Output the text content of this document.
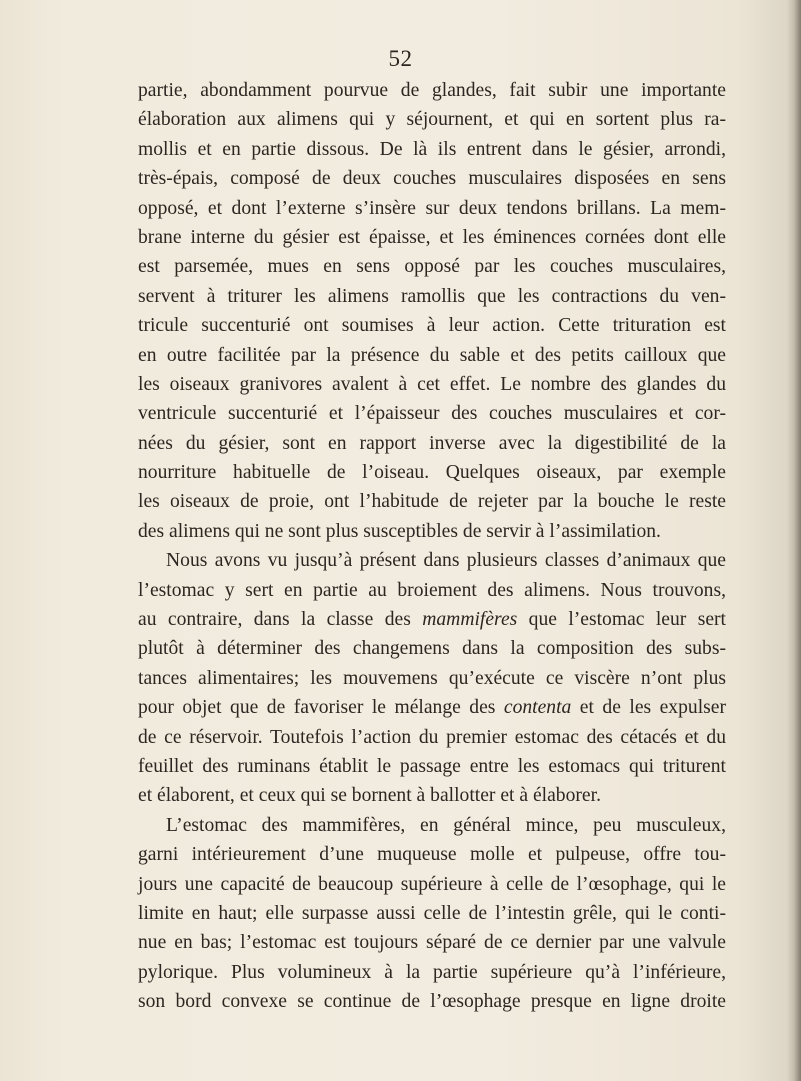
52
partie, abondamment pourvue de glandes, fait subir une importante
élaboration aux alimens qui y séjournent, et qui en sortent plus ra-
mollis et en partie dissous. De là ils entrent dans le gésier, arrondi,
très-épais, composé de deux couches musculaires disposées en sens
opposé, et dont l’externe s’insère sur deux tendons brillans. La mem-
brane interne du gésier est épaisse, et les éminences cornées dont elle
est parsemée, mues en sens opposé par les couches musculaires,
servent à triturer les alimens ramollis que les contractions du ven-
tricule succenturié ont soumises à leur action. Cette trituration est
en outre facilitée par la présence du sable et des petits cailloux que
les oiseaux granivores avalent à cet effet. Le nombre des glandes du
ventricule succenturié et l’épaisseur des couches musculaires et cor-
nées du gésier, sont en rapport inverse avec la digestibilité de la
nourriture habituelle de l’oiseau. Quelques oiseaux, par exemple
les oiseaux de proie, ont l’habitude de rejeter par la bouche le reste
des alimens qui ne sont plus susceptibles de servir à l’assimilation.
Nous avons vu jusqu’à présent dans plusieurs classes d’animaux que
l’estomac y sert en partie au broiement des alimens. Nous trouvons,
au contraire, dans la classe des mammifères que l’estomac leur sert
plutôt à déterminer des changemens dans la composition des subs-
tances alimentaires; les mouvemens qu’exécute ce viscère n’ont plus
pour objet que de favoriser le mélange des contenta et de les expulser
de ce réservoir. Toutefois l’action du premier estomac des cétacés et du
feuillet des ruminans établit le passage entre les estomacs qui triturent
et élaborent, et ceux qui se bornent à ballotter et à élaborer.
L’estomac des mammifères, en général mince, peu musculeux,
garni intérieurement d’une muqueuse molle et pulpeuse, offre tou-
jours une capacité de beaucoup supérieure à celle de l’œsophage, qui le
limite en haut; elle surpasse aussi celle de l’intestin grêle, qui le conti-
nue en bas; l’estomac est toujours séparé de ce dernier par une valvule
pylorique. Plus volumineux à la partie supérieure qu’à l’inférieure,
son bord convexe se continue de l’œsophage presque en ligne droite
